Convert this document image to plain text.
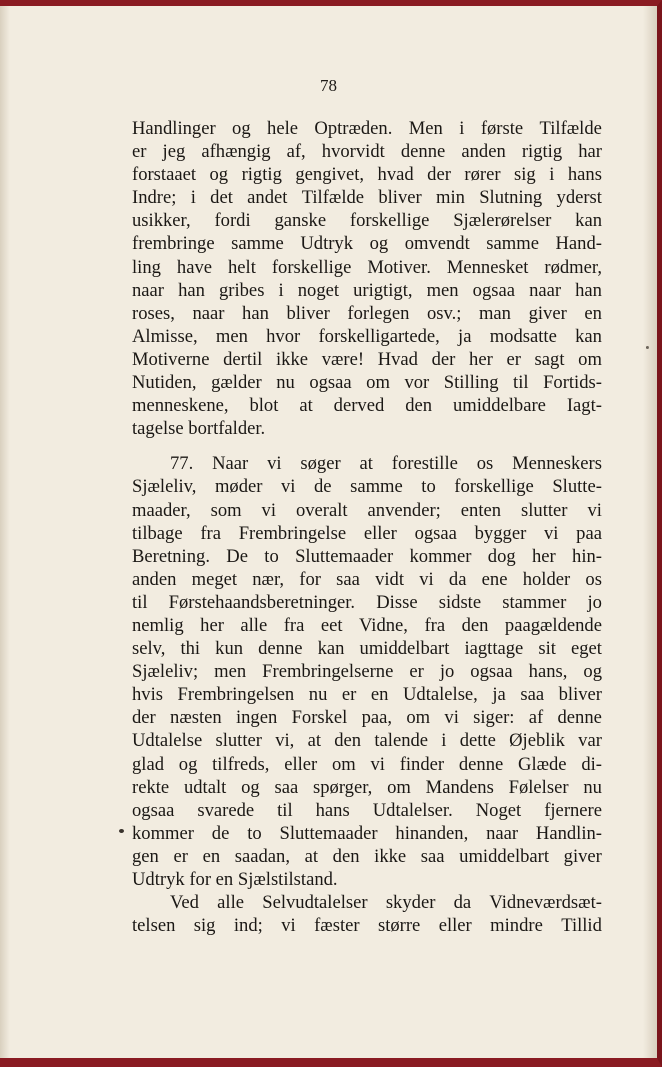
78
Handlinger og hele Optræden. Men i første Tilfælde
er jeg afhængig af, hvorvidt denne anden rigtig har
forstaaet og rigtig gengivet, hvad der rører sig i hans
Indre; i det andet Tilfælde bliver min Slutning yderst
usikker, fordi ganske forskellige Sjælerørelser kan
frembringe samme Udtryk og omvendt samme Hand-
ling have helt forskellige Motiver. Mennesket rødmer,
naar han gribes i noget urigtigt, men ogsaa naar han
roses, naar han bliver forlegen osv.; man giver en
Almisse, men hvor forskelligartede, ja modsatte kan
Motiverne dertil ikke være! Hvad der her er sagt om
Nutiden, gælder nu ogsaa om vor Stilling til Fortids-
menneskene, blot at derved den umiddelbare Iagt-
tagelse bortfalder.
77. Naar vi søger at forestille os Menneskers
Sjæleliv, møder vi de samme to forskellige Slutte-
maader, som vi overalt anvender; enten slutter vi
tilbage fra Frembringelse eller ogsaa bygger vi paa
Beretning. De to Sluttemaader kommer dog her hin-
anden meget nær, for saa vidt vi da ene holder os
til Førstehaandsberetninger. Disse sidste stammer jo
nemlig her alle fra eet Vidne, fra den paagældende
selv, thi kun denne kan umiddelbart iagttage sit eget
Sjæleliv; men Frembringelserne er jo ogsaa hans, og
hvis Frembringelsen nu er en Udtalelse, ja saa bliver
der næsten ingen Forskel paa, om vi siger: af denne
Udtalelse slutter vi, at den talende i dette Øjeblik var
glad og tilfreds, eller om vi finder denne Glæde di-
rekte udtalt og saa spørger, om Mandens Følelser nu
ogsaa svarede til hans Udtalelser. Noget fjernere
kommer de to Sluttemaader hinanden, naar Handlin-
gen er en saadan, at den ikke saa umiddelbart giver
Udtryk for en Sjælstilstand.
Ved alle Selvudtalelser skyder da Vidneværdsæt-
telsen sig ind; vi fæster større eller mindre Tillid
